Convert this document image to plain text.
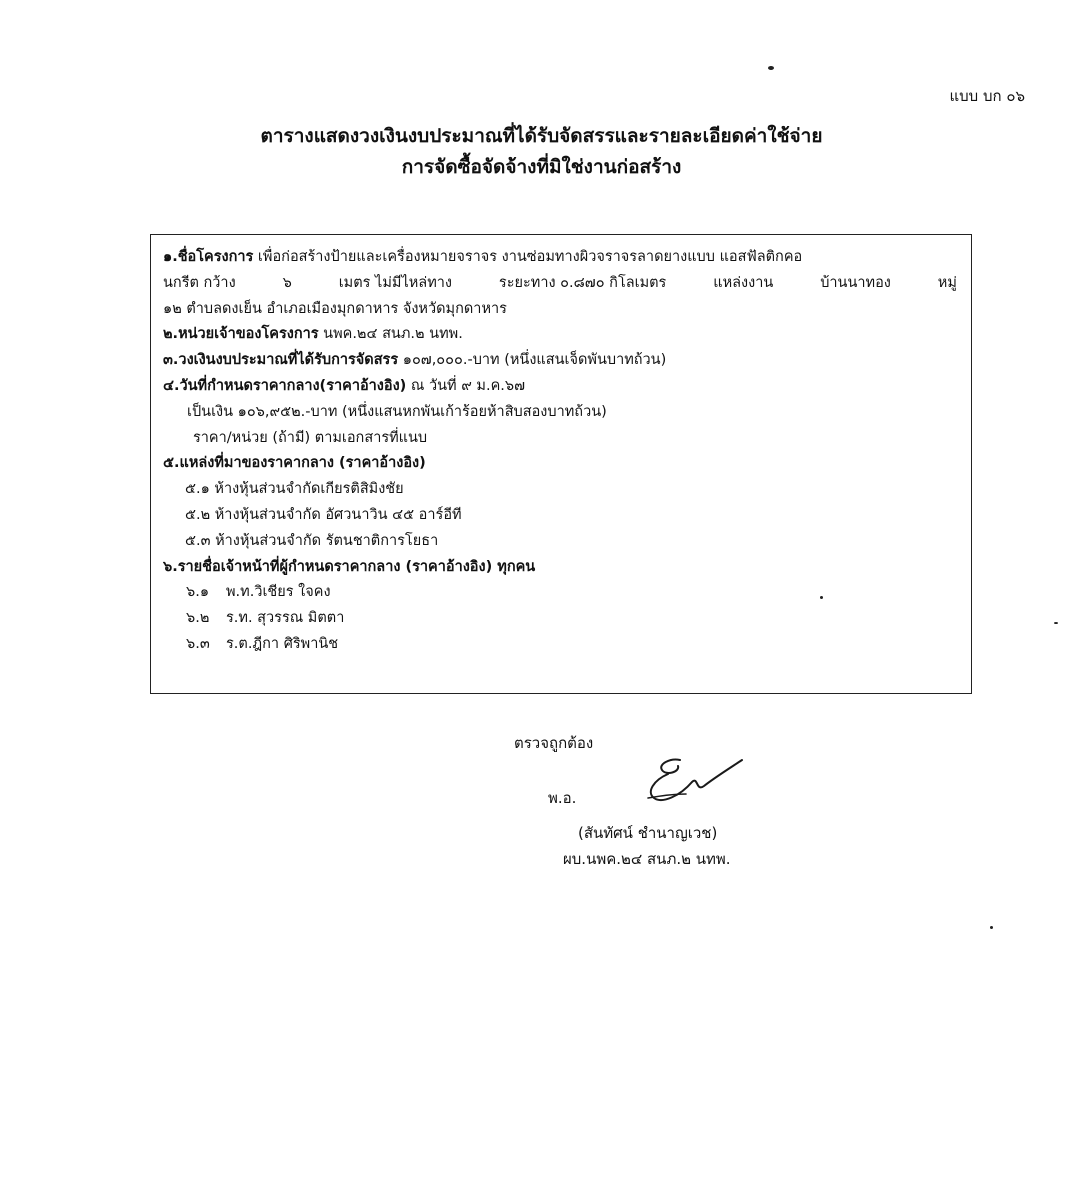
แบบ บก ๐๖
ตารางแสดงวงเงินงบประมาณที่ได้รับจัดสรรและรายละเอียดค่าใช้จ่าย
การจัดซื้อจัดจ้างที่มิใช่งานก่อสร้าง
๑.ชื่อโครงการ เพื่อก่อสร้างป้ายและเครื่องหมายจราจร งานซ่อมทางผิวจราจรลาดยางแบบ แอสฟัลติกคอ
นกรีต กว้าง	๖	เมตร ไม่มีไหล่ทาง	ระยะทาง ๐.๘๗๐ กิโลเมตร	แหล่งงาน	บ้านนาทอง	หมู่
๑๒ ตำบลดงเย็น อำเภอเมืองมุกดาหาร จังหวัดมุกดาหาร
๒.หน่วยเจ้าของโครงการ นพค.๒๔ สนภ.๒ นทพ.
๓.วงเงินงบประมาณที่ได้รับการจัดสรร ๑๐๗,๐๐๐.-บาท (หนึ่งแสนเจ็ดพันบาทถ้วน)
๔.วันที่กำหนดราคากลาง(ราคาอ้างอิง) ณ วันที่ ๙ ม.ค.๖๗
เป็นเงิน ๑๐๖,๙๕๒.-บาท (หนึ่งแสนหกพันเก้าร้อยห้าสิบสองบาทถ้วน)
ราคา/หน่วย (ถ้ามี) ตามเอกสารที่แนบ
๕.แหล่งที่มาของราคากลาง (ราคาอ้างอิง)
๕.๑ ห้างหุ้นส่วนจำกัดเกียรติสิมิงชัย
๕.๒ ห้างหุ้นส่วนจำกัด อัศวนาวิน ๔๕ อาร์อีที
๕.๓ ห้างหุ้นส่วนจำกัด รัตนชาติการโยธา
๖.รายชื่อเจ้าหน้าที่ผู้กำหนดราคากลาง (ราคาอ้างอิง) ทุกคน
๖.๑ พ.ท.วิเชียร ใจคง
๖.๒ ร.ท. สุวรรณ มิตตา
๖.๓ ร.ต.ฎีกา ศิริพานิช
ตรวจถูกต้อง
พ.อ.
(สันทัศน์ ชำนาญเวช)
ผบ.นพค.๒๔ สนภ.๒ นทพ.
